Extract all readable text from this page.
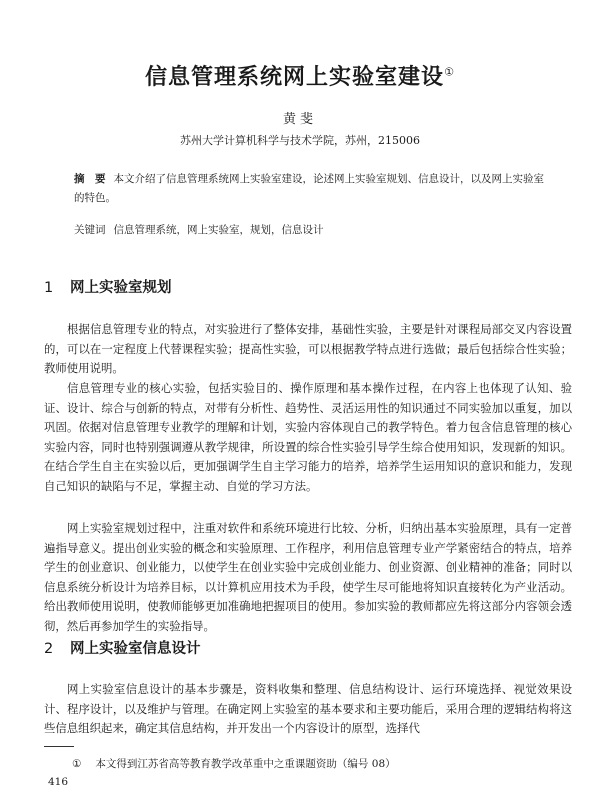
信息管理系统网上实验室建设①
黄斐
苏州大学计算机科学与技术学院，苏州，215006
摘　要 本文介绍了信息管理系统网上实验室建设，论述网上实验室规划、信息设计，以及网上实验室的特色。
关键词 信息管理系统，网上实验室，规划，信息设计
1 网上实验室规划

根据信息管理专业的特点，对实验进行了整体安排，基础性实验，主要是针对课程局部交叉内容设置的，可以在一定程度上代替课程实验；提高性实验，可以根据教学特点进行选做；最后包括综合性实验；教师使用说明。

信息管理专业的核心实验，包括实验目的、操作原理和基本操作过程，在内容上也体现了认知、验证、设计、综合与创新的特点，对带有分析性、趋势性、灵活运用性的知识通过不同实验加以重复，加以巩固。依据对信息管理专业教学的理解和计划，实验内容体现自己的教学特色。着力包含信息管理的核心实验内容，同时也特别强调遵从教学规律，所设置的综合性实验引导学生综合使用知识，发现新的知识。在结合学生自主在实验以后，更加强调学生自主学习能力的培养，培养学生运用知识的意识和能力，发现自己知识的缺陷与不足，掌握主动、自觉的学习方法。

网上实验室规划过程中，注重对软件和系统环境进行比较、分析，归纳出基本实验原理，具有一定普遍指导意义。提出创业实验的概念和实验原理、工作程序，利用信息管理专业产学紧密结合的特点，培养学生的创业意识、创业能力，以使学生在创业实验中完成创业能力、创业资源、创业精神的准备；同时以信息系统分析设计为培养目标，以计算机应用技术为手段，使学生尽可能地将知识直接转化为产业活动。给出教师使用说明，使教师能够更加准确地把握项目的使用。参加实验的教师都应先将这部分内容领会透彻，然后再参加学生的实验指导。

2 网上实验室信息设计

网上实验室信息设计的基本步骤是，资料收集和整理、信息结构设计、运行环境选择、视觉效果设计、程序设计，以及维护与管理。在确定网上实验室的基本要求和主要功能后，采用合理的逻辑结构将这些信息组织起来，确定其信息结构，并开发出一个内容设计的原型，选择代

① 本文得到江苏省高等教育教学改革重中之重课题资助（编号 08）
416
